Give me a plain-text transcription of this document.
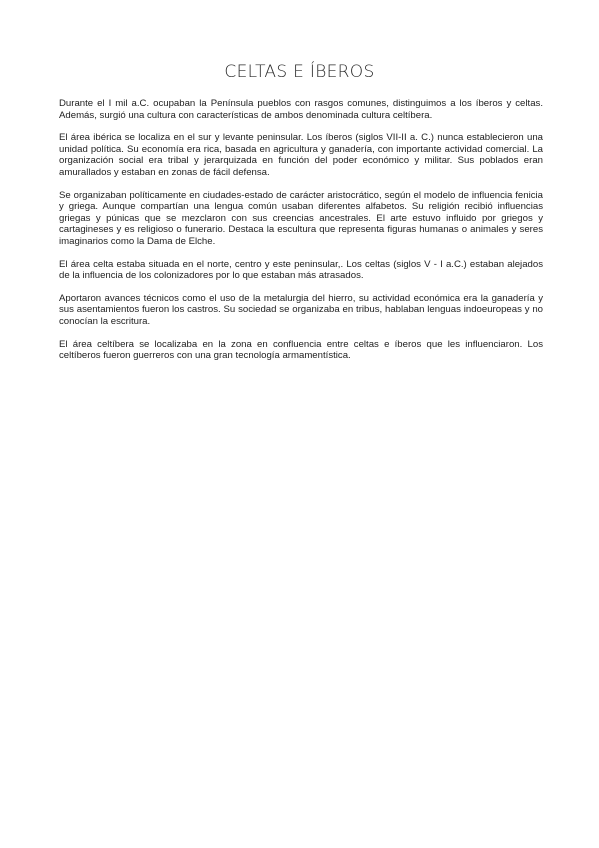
CELTAS E ÍBEROS

Durante el I mil a.C. ocupaban la Península pueblos con rasgos comunes, distinguimos a los íberos y celtas. Además, surgió una cultura con características de ambos denominada cultura celtíbera.

El área ibérica se localiza en el sur y levante peninsular. Los íberos (siglos VII-II a. C.) nunca establecieron una unidad política. Su economía era rica, basada en agricultura y ganadería, con importante actividad comercial. La organización social era tribal y jerarquizada en función del poder económico y militar. Sus poblados eran amurallados y estaban en zonas de fácil defensa.

Se organizaban políticamente en ciudades-estado de carácter aristocrático, según el modelo de influencia fenicia y griega. Aunque compartían una lengua común usaban diferentes alfabetos. Su religión recibió influencias griegas y púnicas que se mezclaron con sus creencias ancestrales. El arte estuvo influido por griegos y cartagineses y es religioso o funerario. Destaca la escultura que representa figuras humanas o animales y seres imaginarios como la Dama de Elche.

El área celta estaba situada en el norte, centro y este peninsular,. Los celtas (siglos V - I a.C.) estaban alejados de la influencia de los colonizadores por lo que estaban más atrasados.

Aportaron avances técnicos como el uso de la metalurgia del hierro, su actividad económica era la ganadería y sus asentamientos fueron los castros. Su sociedad se organizaba en tribus, hablaban lenguas indoeuropeas y no conocían la escritura.

El área celtíbera se localizaba en la zona en confluencia entre celtas e íberos que les influenciaron. Los celtíberos fueron guerreros con una gran tecnología armamentística.
